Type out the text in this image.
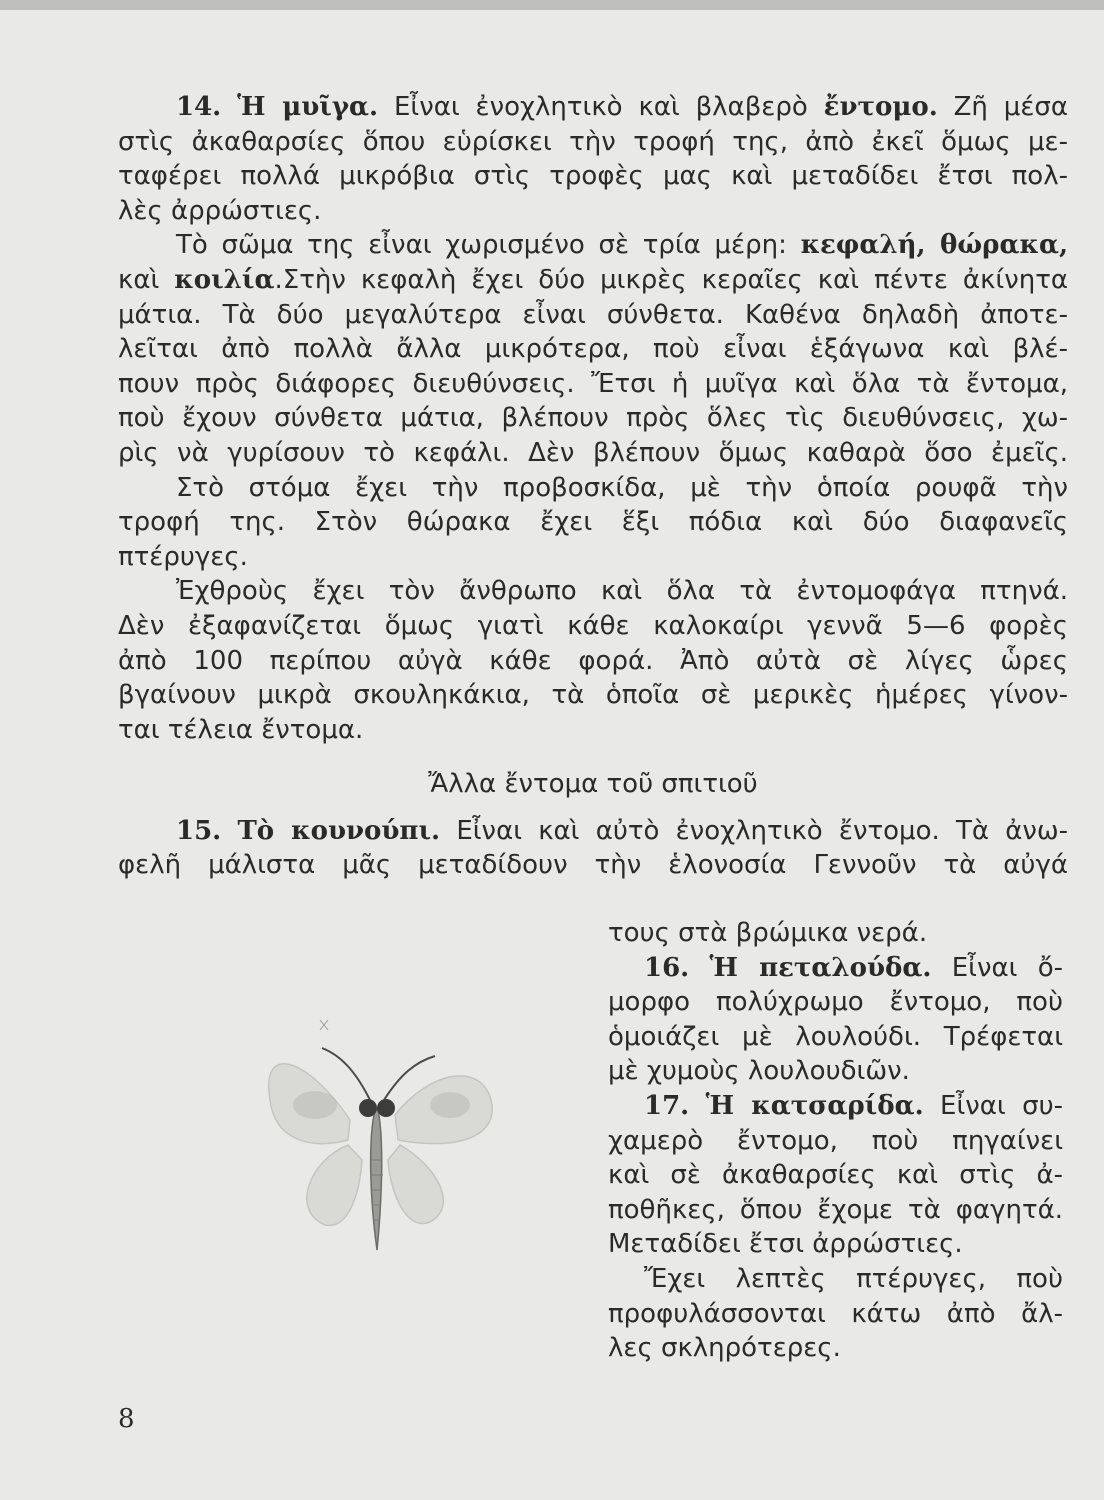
14. Ἡ μυῖγα. Εἶναι ἐνοχλητικὸ καὶ βλαβερὸ ἔντομο. Ζῆ μέσα
στὶς ἀκαθαρσίες ὅπου εὑρίσκει τὴν τροφή της, ἀπὸ ἐκεῖ ὅμως με-
ταφέρει πολλά μικρόβια στὶς τροφὲς μας καὶ μεταδίδει ἔτσι πολ-
λὲς ἀρρώστιες.
Τὸ σῶμα της εἶναι χωρισμένο σὲ τρία μέρη: κεφαλή, θώρακα,
καὶ κοιλία.Στὴν κεφαλὴ ἔχει δύο μικρὲς κεραῖες καὶ πέντε ἀκίνητα
μάτια. Τὰ δύο μεγαλύτερα εἶναι σύνθετα. Καθένα δηλαδὴ ἀποτε-
λεῖται ἀπὸ πολλὰ ἄλλα μικρότερα, ποὺ εἶναι ἑξάγωνα καὶ βλέ-
πουν πρὸς διάφορες διευθύνσεις. Ἔτσι ἡ μυῖγα καὶ ὅλα τὰ ἔντομα,
ποὺ ἔχουν σύνθετα μάτια, βλέπουν πρὸς ὅλες τὶς διευθύνσεις, χω-
ρὶς νὰ γυρίσουν τὸ κεφάλι. Δὲν βλέπουν ὅμως καθαρὰ ὅσο ἐμεῖς.
Στὸ στόμα ἔχει τὴν προβοσκίδα, μὲ τὴν ὁποία ρουφᾶ τὴν
τροφή της. Στὸν θώρακα ἔχει ἕξι πόδια καὶ δύο διαφανεῖς
πτέρυγες.
Ἐχθροὺς ἔχει τὸν ἄνθρωπο καὶ ὅλα τὰ ἐντομοφάγα πτηνά.
Δὲν ἐξαφανίζεται ὅμως γιατὶ κάθε καλοκαίρι γεννᾶ 5—6 φορὲς
ἀπὸ 100 περίπου αὐγὰ κάθε φορά. Ἀπὸ αὐτὰ σὲ λίγες ὧρες
βγαίνουν μικρὰ σκουληκάκια, τὰ ὁποῖα σὲ μερικὲς ἡμέρες γίνον-
ται τέλεια ἔντομα.
Ἄλλα ἔντομα τοῦ σπιτιοῦ
15. Τὸ κουνούπι. Εἶναι καὶ αὐτὸ ἐνοχλητικὸ ἔντομο. Τὰ ἀνω-
φελῆ μάλιστα μᾶς μεταδίδουν τὴν ἑλονοσία Γεννοῦν τὰ αὐγά
τους στὰ βρώμικα νερά.
16. Ἡ πεταλούδα. Εἶναι ὄ-
μορφο πολύχρωμο ἔντομο, ποὺ
ὁμοιάζει μὲ λουλούδι. Τρέφεται
μὲ χυμοὺς λουλουδιῶν.
17. Ἡ κατσαρίδα. Εἶναι συ-
χαμερὸ ἔντομο, ποὺ πηγαίνει
καὶ σὲ ἀκαθαρσίες καὶ στὶς ἀ-
ποθῆκες, ὅπου ἔχομε τὰ φαγητά.
Μεταδίδει ἔτσι ἀρρώστιες.
Ἔχει λεπτὲς πτέρυγες, ποὺ
προφυλάσσονται κάτω ἀπὸ ἄλ-
λες σκληρότερες.
8
